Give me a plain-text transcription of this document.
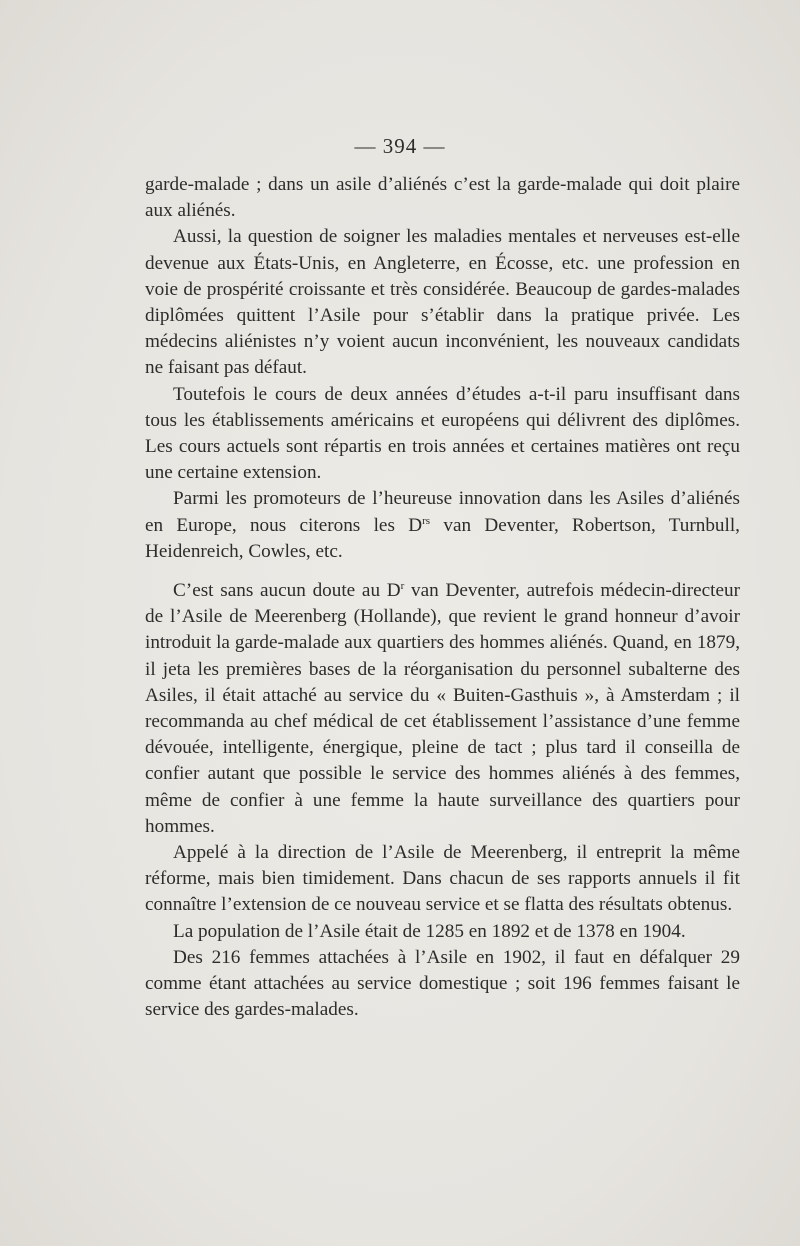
— 394 —

garde-malade ; dans un asile d’aliénés c’est la garde-malade qui doit plaire aux aliénés.

Aussi, la question de soigner les maladies mentales et nerveuses est-elle devenue aux États-Unis, en Angleterre, en Écosse, etc. une profession en voie de prospérité croissante et très considérée. Beaucoup de gardes-malades diplômées quittent l’Asile pour s’établir dans la pratique privée. Les médecins aliénistes n’y voient aucun inconvénient, les nouveaux candidats ne faisant pas défaut.

Toutefois le cours de deux années d’études a-t-il paru insuffisant dans tous les établissements américains et européens qui délivrent des diplômes. Les cours actuels sont répartis en trois années et certaines matières ont reçu une certaine extension.

Parmi les promoteurs de l’heureuse innovation dans les Asiles d’aliénés en Europe, nous citerons les $D^{rs}$ van Deventer, Robertson, Turnbull, Heidenreich, Cowles, etc.

C’est sans aucun doute au $D^r$ van Deventer, autrefois médecin-directeur de l’Asile de Meerenberg (Hollande), que revient le grand honneur d’avoir introduit la garde-malade aux quartiers des hommes aliénés. Quand, en 1879, il jeta les premières bases de la réorganisation du personnel subalterne des Asiles, il était attaché au service du « Buiten-Gasthuis », à Amsterdam ; il recommanda au chef médical de cet établissement l’assistance d’une femme dévouée, intelligente, énergique, pleine de tact ; plus tard il conseilla de confier autant que possible le service des hommes aliénés à des femmes, même de confier à une femme la haute surveillance des quartiers pour hommes.

Appelé à la direction de l’Asile de Meerenberg, il entreprit la même réforme, mais bien timidement. Dans chacun de ses rapports annuels il fit connaître l’extension de ce nouveau service et se flatta des résultats obtenus.

La population de l’Asile était de 1285 en 1892 et de 1378 en 1904.

Des 216 femmes attachées à l’Asile en 1902, il faut en défalquer 29 comme étant attachées au service domestique ; soit 196 femmes faisant le service des gardes-malades.
